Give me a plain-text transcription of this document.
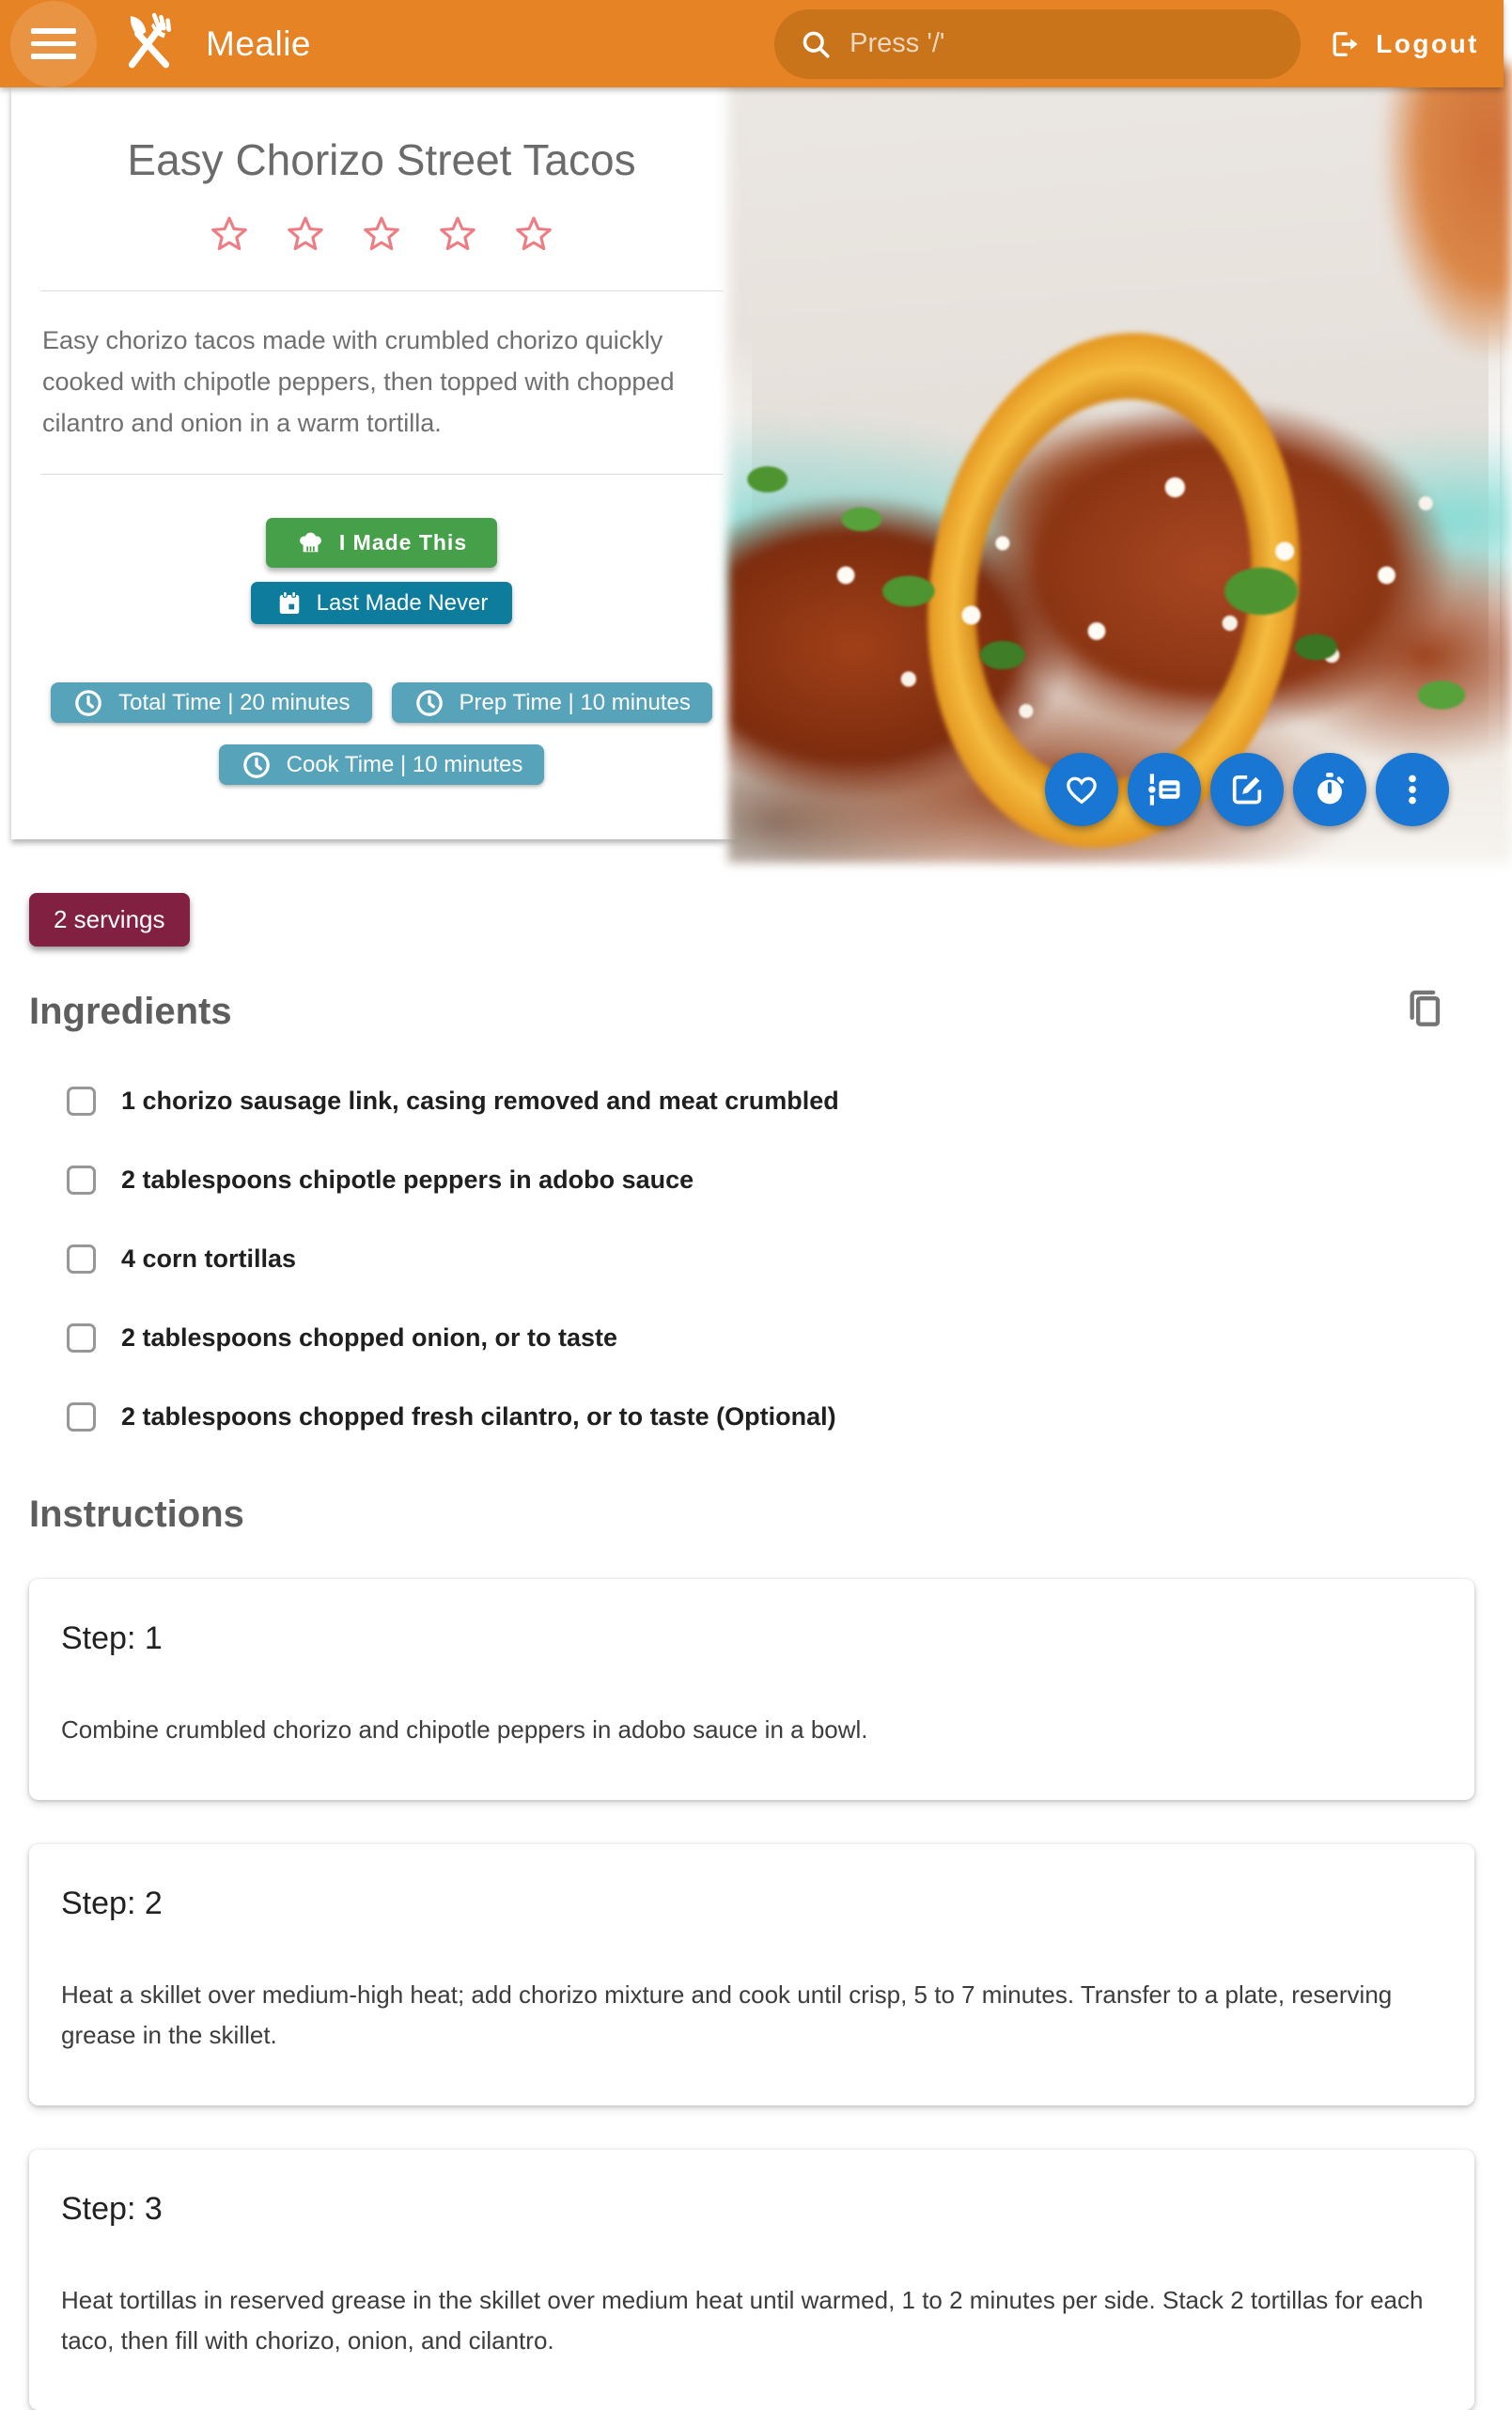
Mealie
Press '/'	Logout
Easy Chorizo Street Tacos

Easy chorizo tacos made with crumbled chorizo quickly cooked with chipotle peppers, then topped with chopped cilantro and onion in a warm tortilla.

I Made This
Last Made Never
Total Time | 20 minutes	Prep Time | 10 minutes
Cook Time | 10 minutes
2 servings
Ingredients
1 chorizo sausage link, casing removed and meat crumbled
2 tablespoons chipotle peppers in adobo sauce
4 corn tortillas
2 tablespoons chopped onion, or to taste
2 tablespoons chopped fresh cilantro, or to taste (Optional)
Instructions
Step: 1

Combine crumbled chorizo and chipotle peppers in adobo sauce in a bowl.

Step: 2

Heat a skillet over medium-high heat; add chorizo mixture and cook until crisp, 5 to 7 minutes. Transfer to a plate, reserving grease in the skillet.

Step: 3

Heat tortillas in reserved grease in the skillet over medium heat until warmed, 1 to 2 minutes per side. Stack 2 tortillas for each taco, then fill with chorizo, onion, and cilantro.
